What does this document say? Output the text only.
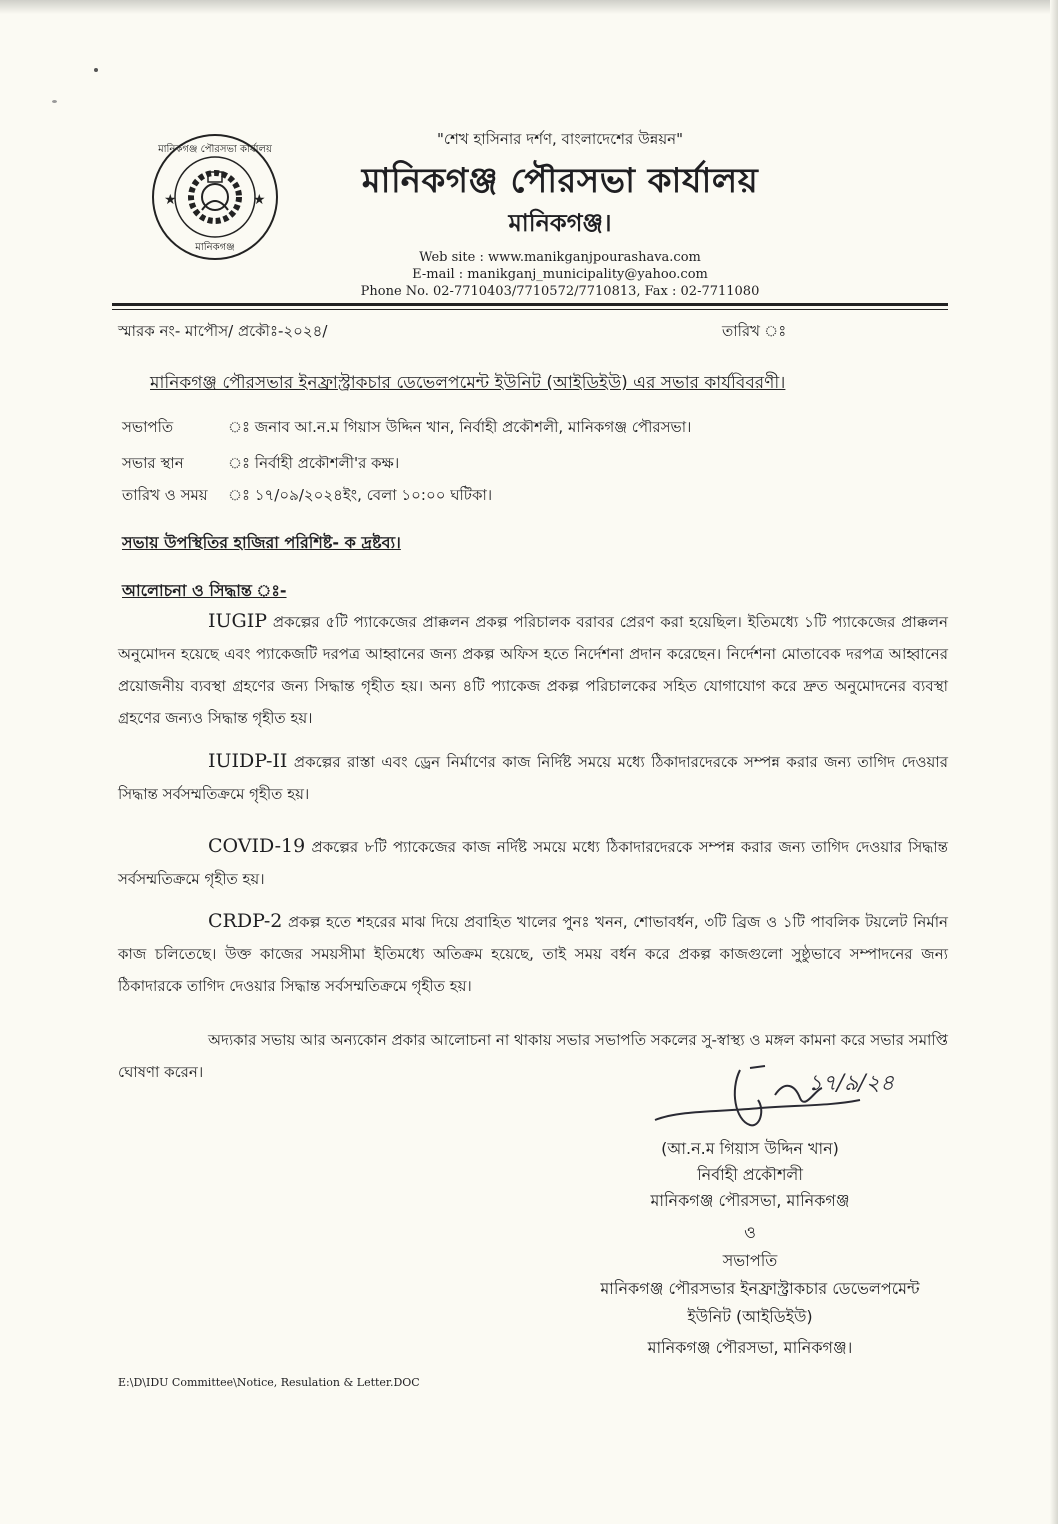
★	★
মানিকগঞ্জ পৌরসভা কার্যালয়
মানিকগঞ্জ
"শেখ হাসিনার দর্শণ, বাংলাদেশের উন্নয়ন"
মানিকগঞ্জ পৌরসভা কার্যালয়
মানিকগঞ্জ।
Web site : www.manikganjpourashava.com
E-mail : manikganj_municipality@yahoo.com
Phone No. 02-7710403/7710572/7710813, Fax : 02-7711080
স্মারক নং- মাপৌস/ প্রকৌঃ-২০২৪/	তারিখ ঃ
মানিকগঞ্জ পৌরসভার ইনফ্রাস্ট্রাকচার ডেভেলপমেন্ট ইউনিট (আইডিইউ) এর সভার কার্যবিবরণী।
সভাপতি	ঃ জনাব আ.ন.ম গিয়াস উদ্দিন খান, নির্বাহী প্রকৌশলী, মানিকগঞ্জ পৌরসভা।
সভার স্থান	ঃ নির্বাহী প্রকৌশলী'র কক্ষ।
তারিখ ও সময় ঃ ১৭/০৯/২০২৪ইং, বেলা ১০:০০ ঘটিকা।
সভায় উপস্থিতির হাজিরা পরিশিষ্ট- ক দ্রষ্টব্য।
আলোচনা ও সিদ্ধান্ত ঃ-
IUGIP প্রকল্পের ৫টি প্যাকেজের প্রাক্কলন প্রকল্প পরিচালক বরাবর প্রেরণ করা হয়েছিল। ইতিমধ্যে ১টি প্যাকেজের প্রাক্কলন অনুমোদন হয়েছে এবং প্যাকেজটি দরপত্র আহ্বানের জন্য প্রকল্প অফিস হতে নির্দেশনা প্রদান করেছেন। নির্দেশনা মোতাবেক দরপত্র আহ্বানের প্রয়োজনীয় ব্যবস্থা গ্রহণের জন্য সিদ্ধান্ত গৃহীত হয়। অন্য ৪টি প্যাকেজ প্রকল্প পরিচালকের সহিত যোগাযোগ করে দ্রুত অনুমোদনের ব্যবস্থা গ্রহণের জন্যও সিদ্ধান্ত গৃহীত হয়।
IUIDP-II প্রকল্পের রাস্তা এবং ড্রেন নির্মাণের কাজ নির্দিষ্ট সময়ে মধ্যে ঠিকাদারদেরকে সম্পন্ন করার জন্য তাগিদ দেওয়ার সিদ্ধান্ত সর্বসম্মতিক্রমে গৃহীত হয়।
COVID-19 প্রকল্পের ৮টি প্যাকেজের কাজ নর্দিষ্ট সময়ে মধ্যে ঠিকাদারদেরকে সম্পন্ন করার জন্য তাগিদ দেওয়ার সিদ্ধান্ত সর্বসম্মতিক্রমে গৃহীত হয়।
CRDP-2 প্রকল্প হতে শহরের মাঝ দিয়ে প্রবাহিত খালের পুনঃ খনন, শোভাবর্ধন, ৩টি ব্রিজ ও ১টি পাবলিক টয়লেট নির্মান কাজ চলিতেছে। উক্ত কাজের সময়সীমা ইতিমধ্যে অতিক্রম হয়েছে, তাই সময় বর্ধন করে প্রকল্প কাজগুলো সুষ্ঠুভাবে সম্পাদনের জন্য ঠিকাদারকে তাগিদ দেওয়ার সিদ্ধান্ত সর্বসম্মতিক্রমে গৃহীত হয়।
অদ্যকার সভায় আর অন্যকোন প্রকার আলোচনা না থাকায় সভার সভাপতি সকলের সু-স্বাস্থ্য ও মঙ্গল কামনা করে সভার সমাপ্তি ঘোষণা করেন।	১৭/৯/২৪
(আ.ন.ম গিয়াস উদ্দিন খান)
নির্বাহী প্রকৌশলী
মানিকগঞ্জ পৌরসভা, মানিকগঞ্জ
ও
সভাপতি
মানিকগঞ্জ পৌরসভার ইনফ্রাস্ট্রাকচার ডেভেলপমেন্ট
ইউনিট (আইডিইউ)
মানিকগঞ্জ পৌরসভা, মানিকগঞ্জ।
E:\D\IDU Committee\Notice, Resulation & Letter.DOC
